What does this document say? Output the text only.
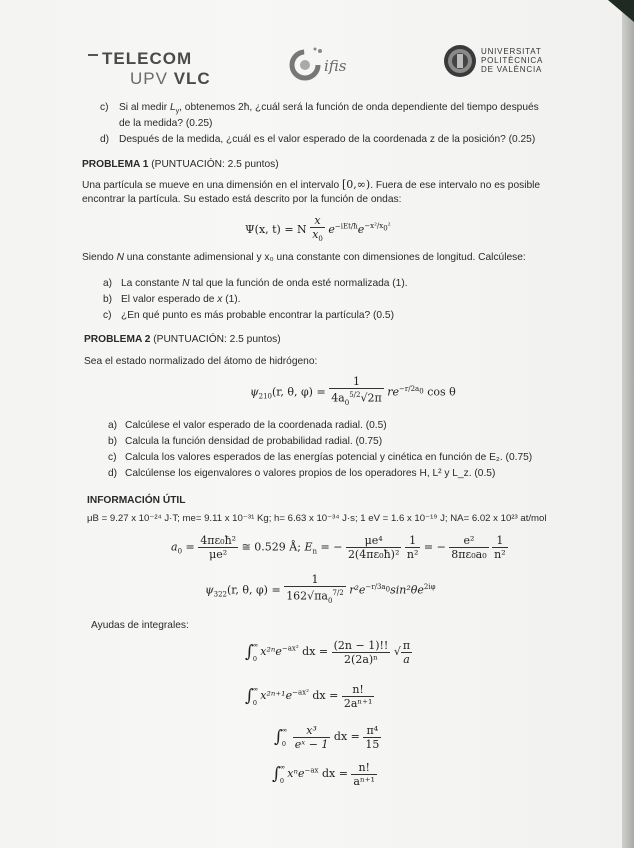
TELECOM
UPV VLC
ifis
UNIVERSITAT
POLITÈCNICA
DE VALÈNCIA
c) Si al medir $L_y$, obtenemos 2ħ, ¿cuál será la función de onda dependiente del tiempo después
de la medida? (0.25)
d) Después de la medida, ¿cuál es el valor esperado de la coordenada z de la posición? (0.25)
PROBLEMA 1 (PUNTUACIÓN: 2.5 puntos)
Una partícula se mueve en una dimensión en el intervalo [0,∞). Fuera de ese intervalo no es posible
encontrar la partícula. Su estado está descrito por la función de ondas:
Ψ(x, t) = N $\frac{x}{x_0} e^{-iEt/ħ}e^{-x^2/x_0^2}$
Siendo N una constante adimensional y x₀ una constante con dimensiones de longitud. Calcúlese:
a) La constante N tal que la función de onda esté normalizada (1).
b) El valor esperado de x (1).
c) ¿En qué punto es más probable encontrar la partícula? (0.5)
PROBLEMA 2 (PUNTUACIÓN: 2.5 puntos)
Sea el estado normalizado del átomo de hidrógeno:
$\psi_{210}(r$, θ, $\varphi) = \frac{1}{4a_0^{5/2}√2\pi} re^{-r/2a_0}$ cos θ
a) Calcúlese el valor esperado de la coordenada radial. (0.5)
b) Calcula la función densidad de probabilidad radial. (0.75)
c) Calcula los valores esperados de las energías potencial y cinética en función de E₂. (0.75)
d) Calcúlense los eigenvalores o valores propios de los operadores H, L² y L_z. (0.5)
INFORMACIÓN ÚTIL
μB = 9.27 x 10⁻²⁴ J·T; me= 9.11 x 10⁻³¹ Kg; h= 6.63 x 10⁻³⁴ J·s; 1 eV = 1.6 x 10⁻¹⁹ J; NA= 6.02 x 10²³ at/mol
$a_0 = \frac{\text{4πε₀ħ²}}{\text{μe²}}$ ≅ 0.529 Å; $E_n$ = − $\frac{\text{μe⁴}}{\text{2(4πε₀ħ)²}}$
$\frac{1}{\text{n²}}$ = − $\frac{\text{e²}}{\text{8πε₀a₀}}$
$\frac{1}{\text{n²}}$
$\psi_{322}(r$, θ, $\varphi) = \frac{1}{162√\pi a_0^{7/2}} r^2e^{-r/3a_0}\sin^2\theta e^{2i\varphi}$
Ayudas de integrales:
∫ ∞
0
x²ⁿe$^{-ax^2}$ dx = $\frac{(2n - 1)!!}{\text{2(2a)ⁿ}}$ √ $\frac{\pi}{a}$
∫ ∞
0
$x^{2n+1}e^{-ax^2}$ dx = $\frac{n!}{\text{2aⁿ⁺¹}}$
∫ ∞
0
$\frac{\text{x³}}{\text{eˣ − 1}}$ dx = $\frac{\text{π⁴}}{15}$
∫ ∞
0
xⁿe$^{-ax}$ dx = $\frac{n!}{\text{aⁿ⁺¹}}$
